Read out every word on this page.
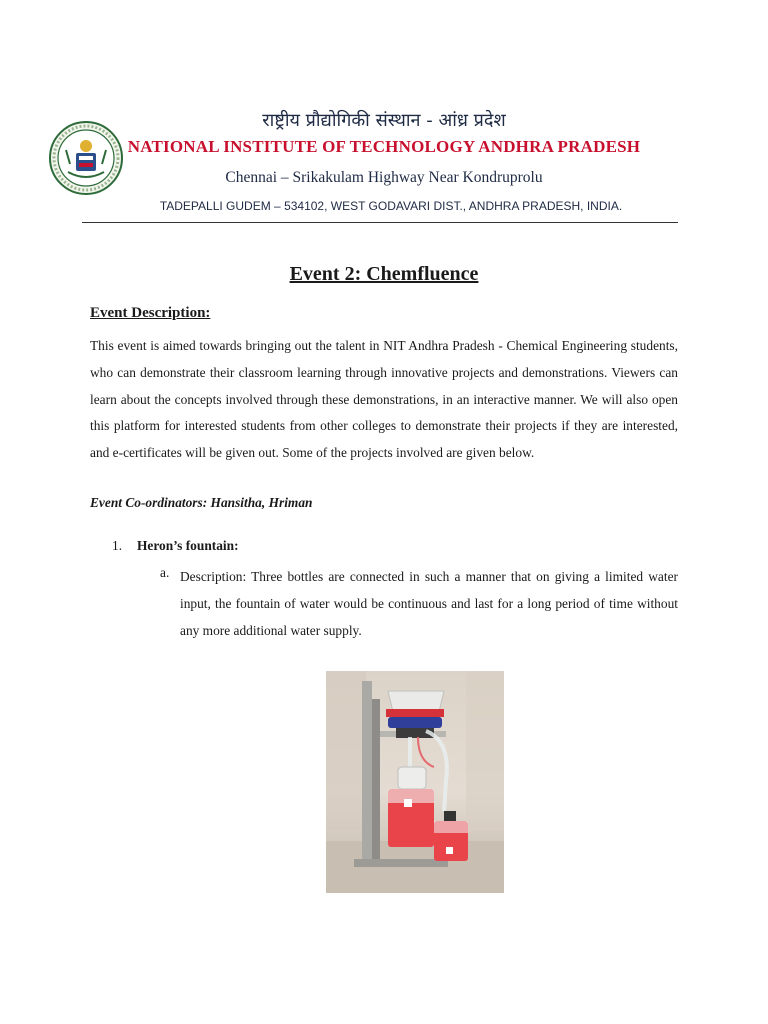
राष्ट्रीय प्रौद्योगिकी संस्थान - आंध्र प्रदेश
NATIONAL INSTITUTE OF TECHNOLOGY ANDHRA PRADESH
Chennai – Srikakulam Highway Near Kondruprolu
TADEPALLI GUDEM – 534102, WEST GODAVARI DIST., ANDHRA PRADESH, INDIA.
Event 2: Chemfluence
Event Description:
This event is aimed towards bringing out the talent in NIT Andhra Pradesh - Chemical Engineering students, who can demonstrate their classroom learning through innovative projects and demonstrations. Viewers can learn about the concepts involved through these demonstrations, in an interactive manner. We will also open this platform for interested students from other colleges to demonstrate their projects if they are interested, and e-certificates will be given out. Some of the projects involved are given below.
Event Co-ordinators: Hansitha, Hriman
1. Heron’s fountain:
a. Description: Three bottles are connected in such a manner that on giving a limited water input, the fountain of water would be continuous and last for a long period of time without any more additional water supply.
